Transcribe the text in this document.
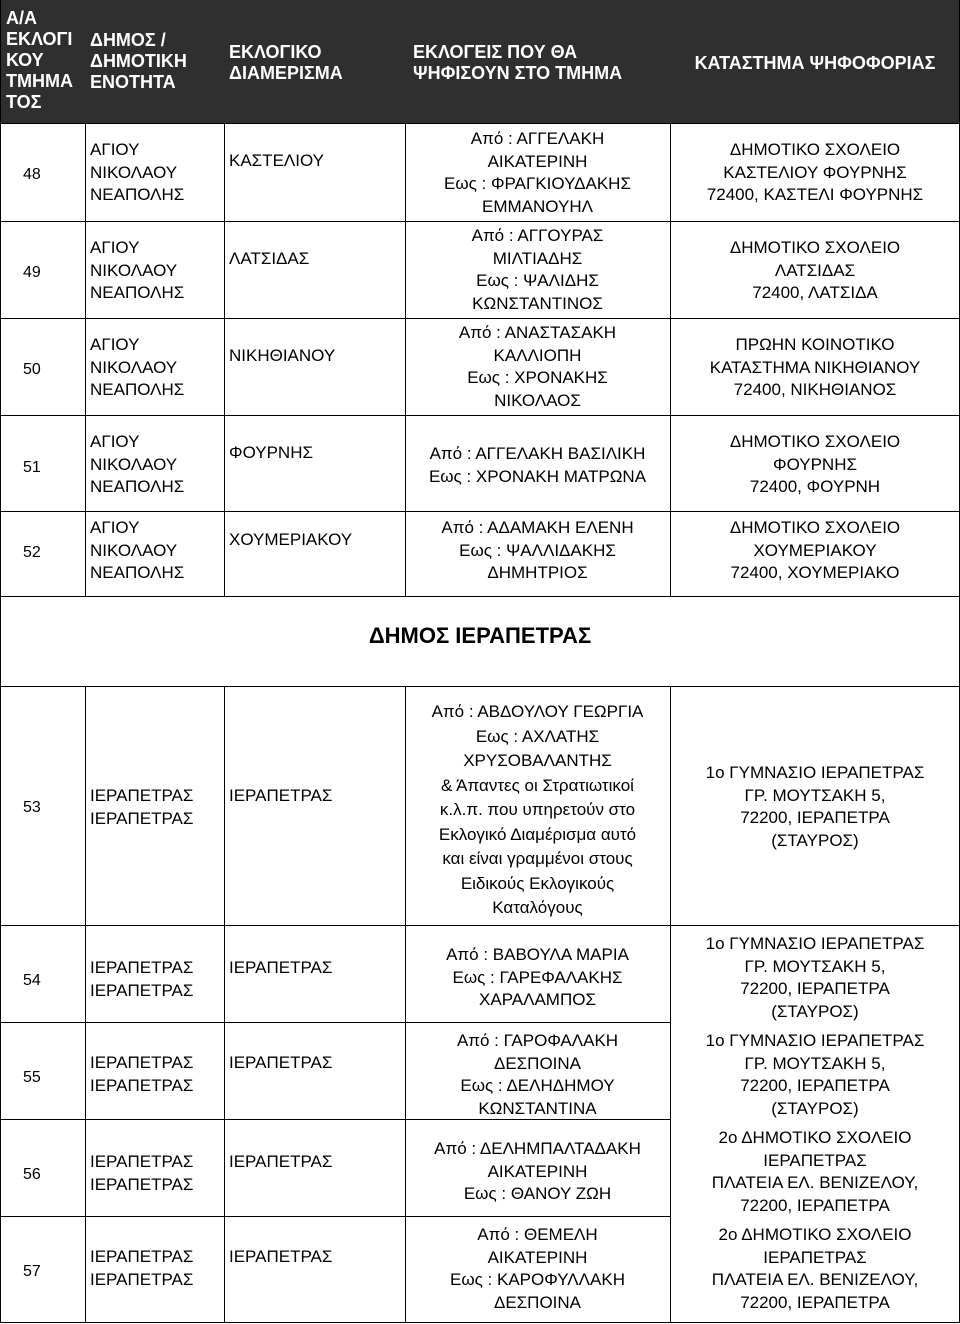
Α/Α
ΕΚΛΟΓΙ
ΚΟΥ
ΤΜΗΜΑ
ΤΟΣ
ΔΗΜΟΣ /
ΔΗΜΟΤΙΚΗ
ΕΝΟΤΗΤΑ
ΕΚΛΟΓΙΚΟ
ΔΙΑΜΕΡΙΣΜΑ
ΕΚΛΟΓΕΙΣ ΠΟΥ ΘΑ
ΨΗΦΙΣΟΥΝ ΣΤΟ ΤΜΗΜΑ	ΚΑΤΑΣΤΗΜΑ ΨΗΦΟΦΟΡΙΑΣ
48
ΑΓΙΟΥ
ΝΙΚΟΛΑΟΥ
ΝΕΑΠΟΛΗΣ
ΚΑΣΤΕΛΙΟΥ
Από : ΑΓΓΕΛΑΚΗ
ΑΙΚΑΤΕΡΙΝΗ
Εως : ΦΡΑΓΚΙΟΥΔΑΚΗΣ
ΕΜΜΑΝΟΥΗΛ
ΔΗΜΟΤΙΚΟ ΣΧΟΛΕΙΟ
ΚΑΣΤΕΛΙΟΥ ΦΟΥΡΝΗΣ
72400, ΚΑΣΤΕΛΙ ΦΟΥΡΝΗΣ
49
ΑΓΙΟΥ
ΝΙΚΟΛΑΟΥ
ΝΕΑΠΟΛΗΣ
ΛΑΤΣΙΔΑΣ
Από : ΑΓΓΟΥΡΑΣ
ΜΙΛΤΙΑΔΗΣ
Εως : ΨΑΛΙΔΗΣ
ΚΩΝΣΤΑΝΤΙΝΟΣ
ΔΗΜΟΤΙΚΟ ΣΧΟΛΕΙΟ
ΛΑΤΣΙΔΑΣ
72400, ΛΑΤΣΙΔΑ
50
ΑΓΙΟΥ
ΝΙΚΟΛΑΟΥ
ΝΕΑΠΟΛΗΣ
ΝΙΚΗΘΙΑΝΟΥ
Από : ΑΝΑΣΤΑΣΑΚΗ
ΚΑΛΛΙΟΠΗ
Εως : ΧΡΟΝΑΚΗΣ
ΝΙΚΟΛΑΟΣ
ΠΡΩΗΝ ΚΟΙΝΟΤΙΚΟ
ΚΑΤΑΣΤΗΜΑ ΝΙΚΗΘΙΑΝΟΥ
72400, ΝΙΚΗΘΙΑΝΟΣ
51
ΑΓΙΟΥ
ΝΙΚΟΛΑΟΥ
ΝΕΑΠΟΛΗΣ
ΦΟΥΡΝΗΣ	Από : ΑΓΓΕΛΑΚΗ ΒΑΣΙΛΙΚΗ
Εως : ΧΡΟΝΑΚΗ ΜΑΤΡΩΝΑ
ΔΗΜΟΤΙΚΟ ΣΧΟΛΕΙΟ
ΦΟΥΡΝΗΣ
72400, ΦΟΥΡΝΗ
52
ΑΓΙΟΥ
ΝΙΚΟΛΑΟΥ
ΝΕΑΠΟΛΗΣ
ΧΟΥΜΕΡΙΑΚΟΥ
Από : ΑΔΑΜΑΚΗ ΕΛΕΝΗ
Εως : ΨΑΛΛΙΔΑΚΗΣ
ΔΗΜΗΤΡΙΟΣ
ΔΗΜΟΤΙΚΟ ΣΧΟΛΕΙΟ
ΧΟΥΜΕΡΙΑΚΟΥ
72400, ΧΟΥΜΕΡΙΑΚΟ
ΔΗΜΟΣ ΙΕΡΑΠΕΤΡΑΣ
53
ΙΕΡΑΠΕΤΡΑΣ
ΙΕΡΑΠΕΤΡΑΣ
ΙΕΡΑΠΕΤΡΑΣ
Από : ΑΒΔΟΥΛΟΥ ΓΕΩΡΓΙΑ
Εως : ΑΧΛΑΤΗΣ
ΧΡΥΣΟΒΑΛΑΝΤΗΣ
& Άπαντες οι Στρατιωτικοί
κ.λ.π. που υπηρετούν στο
Εκλογικό Διαμέρισμα αυτό
και είναι γραμμένοι στους
Ειδικούς Εκλογικούς
Καταλόγους
1ο ΓΥΜΝΑΣΙΟ ΙΕΡΑΠΕΤΡΑΣ
ΓΡ. ΜΟΥΤΣΑΚΗ 5,
72200, ΙΕΡΑΠΕΤΡΑ
(ΣΤΑΥΡΟΣ)
54
ΙΕΡΑΠΕΤΡΑΣ
ΙΕΡΑΠΕΤΡΑΣ
ΙΕΡΑΠΕΤΡΑΣ
Από : ΒΑΒΟΥΛΑ ΜΑΡΙΑ
Εως : ΓΑΡΕΦΑΛΑΚΗΣ
ΧΑΡΑΛΑΜΠΟΣ
1ο ΓΥΜΝΑΣΙΟ ΙΕΡΑΠΕΤΡΑΣ
ΓΡ. ΜΟΥΤΣΑΚΗ 5,
72200, ΙΕΡΑΠΕΤΡΑ
(ΣΤΑΥΡΟΣ)
55
ΙΕΡΑΠΕΤΡΑΣ
ΙΕΡΑΠΕΤΡΑΣ
ΙΕΡΑΠΕΤΡΑΣ
Από : ΓΑΡΟΦΑΛΑΚΗ
ΔΕΣΠΟΙΝΑ
Εως : ΔΕΛΗΔΗΜΟΥ
ΚΩΝΣΤΑΝΤΙΝΑ
1ο ΓΥΜΝΑΣΙΟ ΙΕΡΑΠΕΤΡΑΣ
ΓΡ. ΜΟΥΤΣΑΚΗ 5,
72200, ΙΕΡΑΠΕΤΡΑ
(ΣΤΑΥΡΟΣ)
56
ΙΕΡΑΠΕΤΡΑΣ
ΙΕΡΑΠΕΤΡΑΣ
ΙΕΡΑΠΕΤΡΑΣ
Από : ΔΕΛΗΜΠΑΛΤΑΔΑΚΗ
ΑΙΚΑΤΕΡΙΝΗ
Εως : ΘΑΝΟΥ ΖΩΗ
2ο ΔΗΜΟΤΙΚΟ ΣΧΟΛΕΙΟ
ΙΕΡΑΠΕΤΡΑΣ
ΠΛΑΤΕΙΑ ΕΛ. ΒΕΝΙΖΕΛΟΥ,
72200, ΙΕΡΑΠΕΤΡΑ
57
ΙΕΡΑΠΕΤΡΑΣ
ΙΕΡΑΠΕΤΡΑΣ
ΙΕΡΑΠΕΤΡΑΣ
Από : ΘΕΜΕΛΗ
ΑΙΚΑΤΕΡΙΝΗ
Εως : ΚΑΡΟΦΥΛΛΑΚΗ
ΔΕΣΠΟΙΝΑ
2ο ΔΗΜΟΤΙΚΟ ΣΧΟΛΕΙΟ
ΙΕΡΑΠΕΤΡΑΣ
ΠΛΑΤΕΙΑ ΕΛ. ΒΕΝΙΖΕΛΟΥ,
72200, ΙΕΡΑΠΕΤΡΑ
